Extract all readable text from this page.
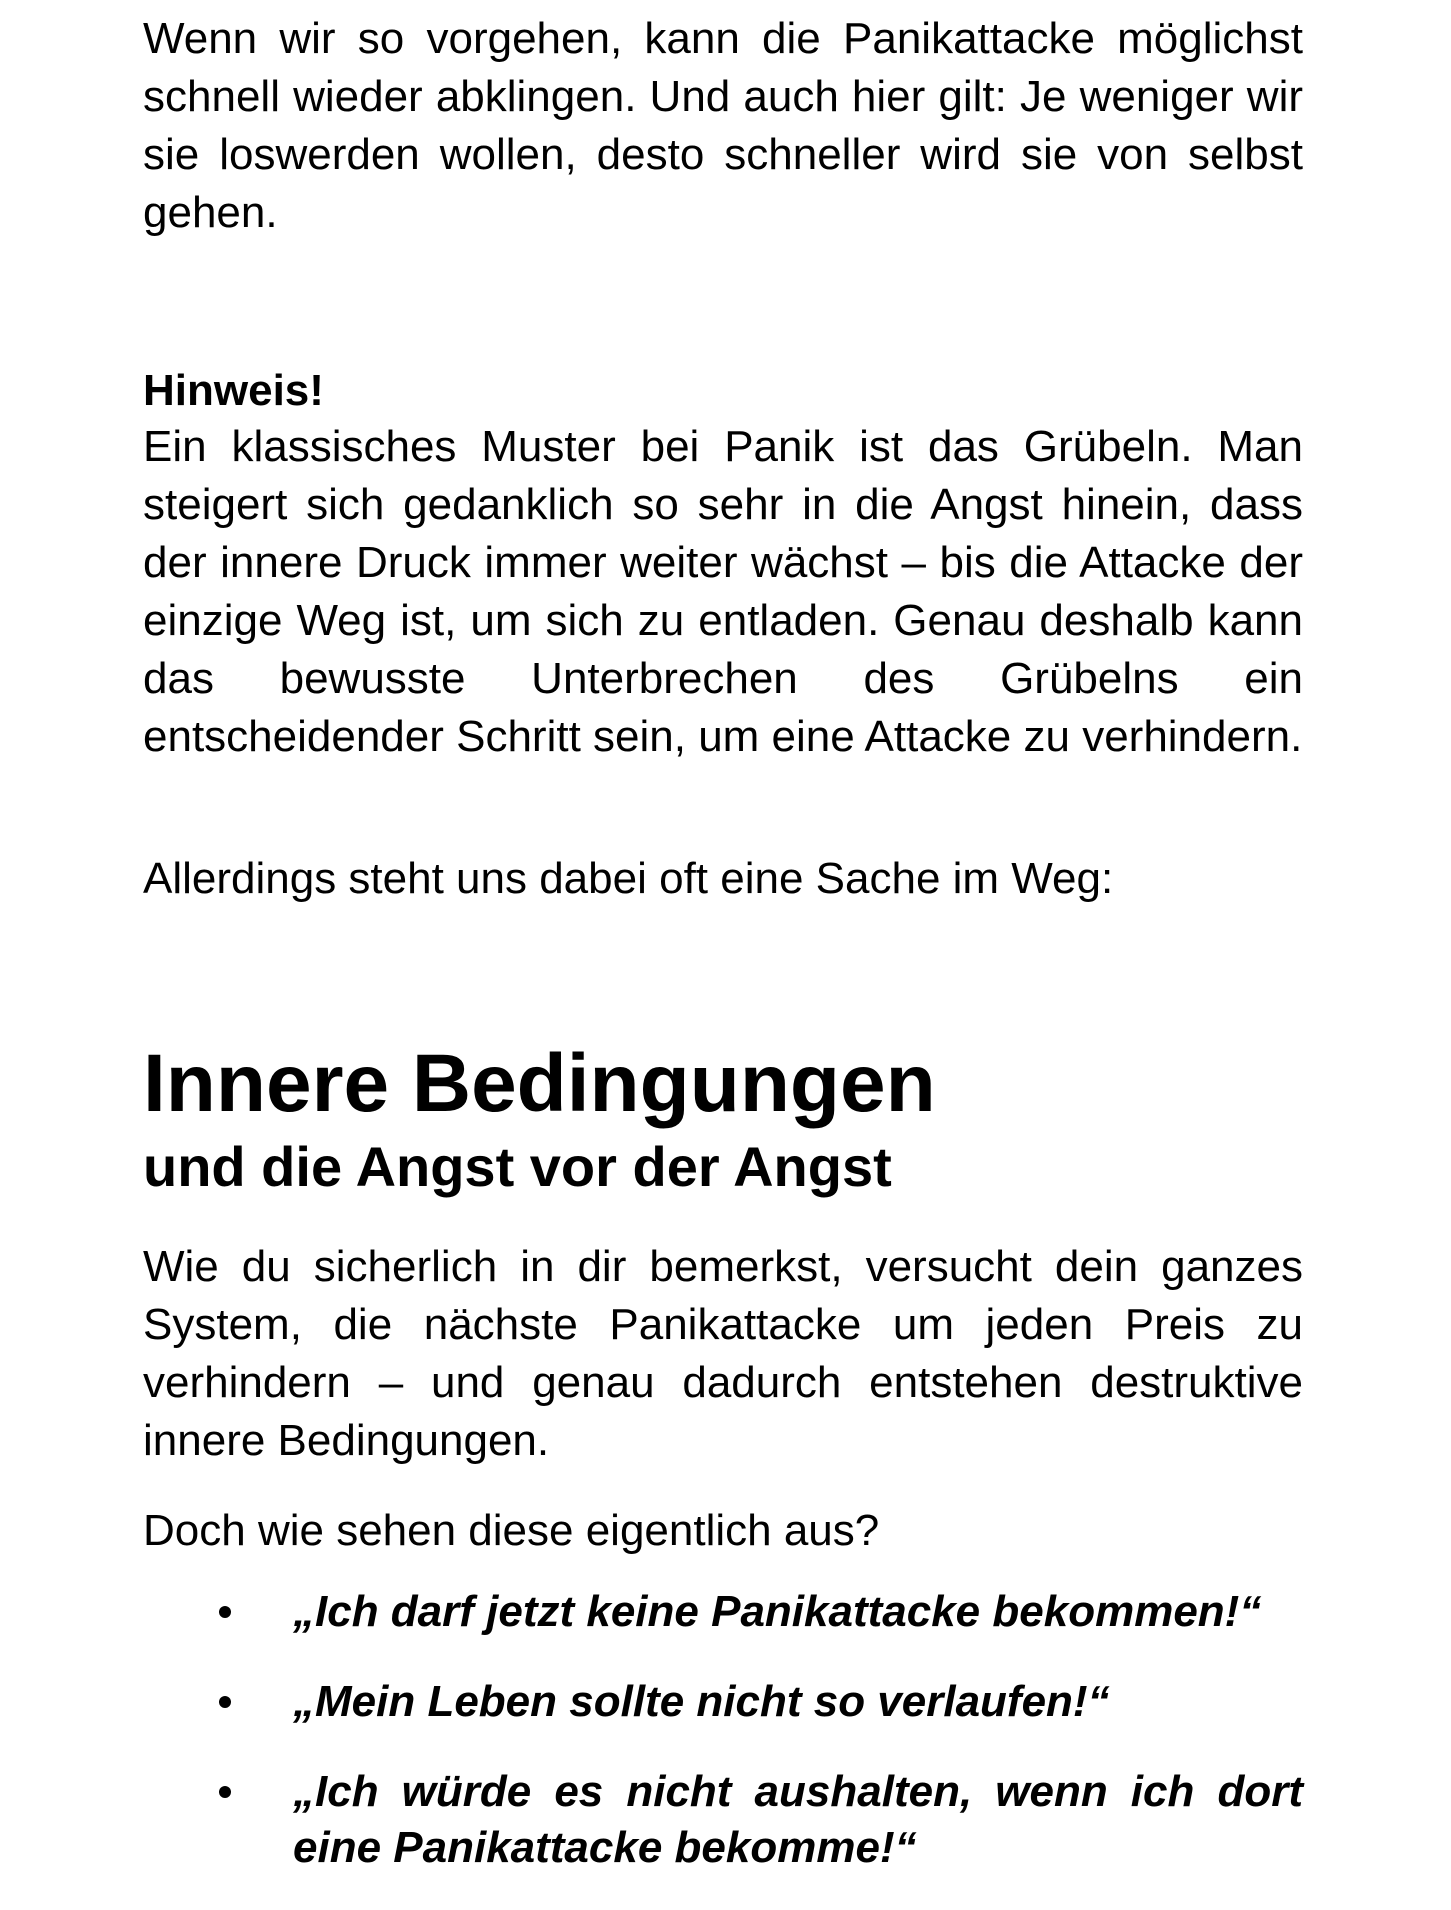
Wenn wir so vorgehen, kann die Panikattacke möglichst schnell wieder abklingen. Und auch hier gilt: Je weniger wir sie loswerden wollen, desto schneller wird sie von selbst gehen.

Hinweis!

Ein klassisches Muster bei Panik ist das Grübeln. Man steigert sich gedanklich so sehr in die Angst hinein, dass der innere Druck immer weiter wächst – bis die Attacke der einzige Weg ist, um sich zu entladen. Genau deshalb kann das bewusste Unterbrechen des Grübelns ein entscheidender Schritt sein, um eine Attacke zu verhindern.

Allerdings steht uns dabei oft eine Sache im Weg:

Innere Bedingungen
und die Angst vor der Angst

Wie du sicherlich in dir bemerkst, versucht dein ganzes System, die nächste Panikattacke um jeden Preis zu verhindern – und genau dadurch entstehen destruktive innere Bedingungen.

Doch wie sehen diese eigentlich aus?

„Ich darf jetzt keine Panikattacke bekommen!“
„Mein Leben sollte nicht so verlaufen!“
„Ich würde es nicht aushalten, wenn ich dort eine Panikattacke bekomme!“
